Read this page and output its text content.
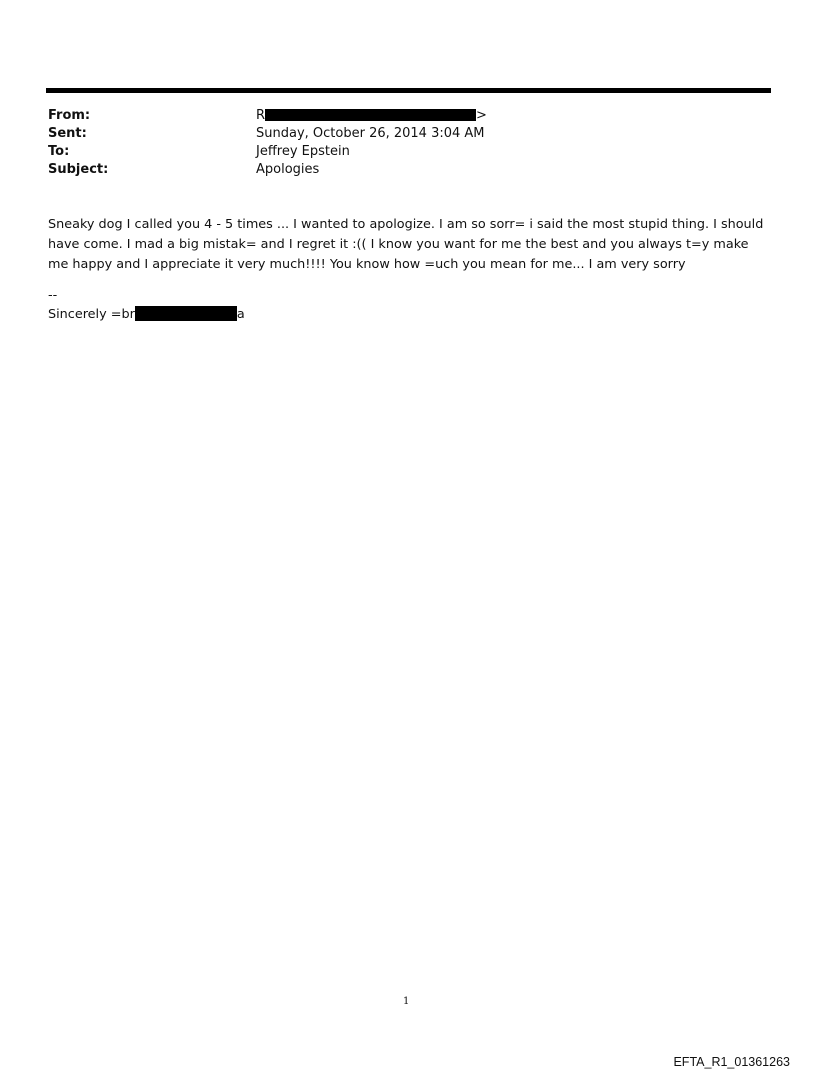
From:	R	>
Sent:	Sunday, October 26, 2014 3:04 AM
To:	Jeffrey Epstein
Subject:	Apologies
Sneaky dog I called you 4 - 5 times ... I wanted to apologize. I am so sorr= i said the most stupid thing. I should have come. I mad a big mistak= and I regret it :(( I know you want for me the best and you always t=y make me happy and I appreciate it very much!!!! You know how =uch you mean for me... I am very sorry
--
Sincerely =br	a
1
EFTA_R1_01361263
